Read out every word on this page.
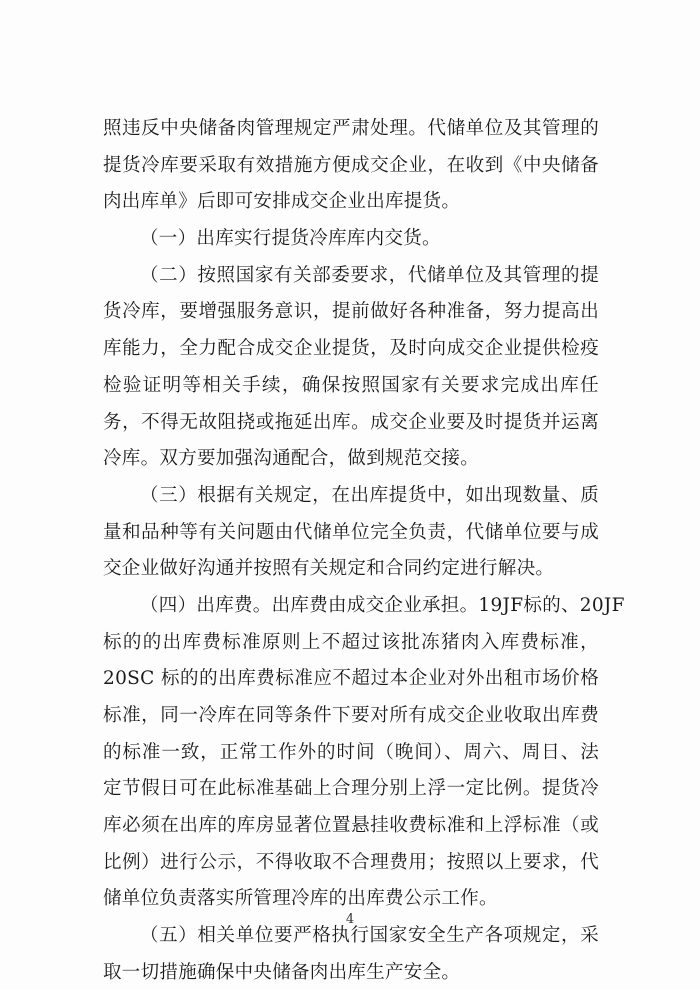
照违反中央储备肉管理规定严肃处理。代储单位及其管理的
提货冷库要采取有效措施方便成交企业，在收到《中央储备
肉出库单》后即可安排成交企业出库提货。
（一）出库实行提货冷库库内交货。
（二）按照国家有关部委要求，代储单位及其管理的提
货冷库，要增强服务意识，提前做好各种准备，努力提高出
库能力，全力配合成交企业提货，及时向成交企业提供检疫
检验证明等相关手续，确保按照国家有关要求完成出库任
务，不得无故阻挠或拖延出库。成交企业要及时提货并运离
冷库。双方要加强沟通配合，做到规范交接。
（三）根据有关规定，在出库提货中，如出现数量、质
量和品种等有关问题由代储单位完全负责，代储单位要与成
交企业做好沟通并按照有关规定和合同约定进行解决。
（四）出库费。出库费由成交企业承担。19JF标的、20JF
标的的出库费标准原则上不超过该批冻猪肉入库费标准，
20SC 标的的出库费标准应不超过本企业对外出租市场价格
标准，同一冷库在同等条件下要对所有成交企业收取出库费
的标准一致，正常工作外的时间（晚间）、周六、周日、法
定节假日可在此标准基础上合理分别上浮一定比例。提货冷
库必须在出库的库房显著位置悬挂收费标准和上浮标准（或
比例）进行公示，不得收取不合理费用；按照以上要求，代
储单位负责落实所管理冷库的出库费公示工作。
（五）相关单位要严格执行国家安全生产各项规定，采
取一切措施确保中央储备肉出库生产安全。
4
